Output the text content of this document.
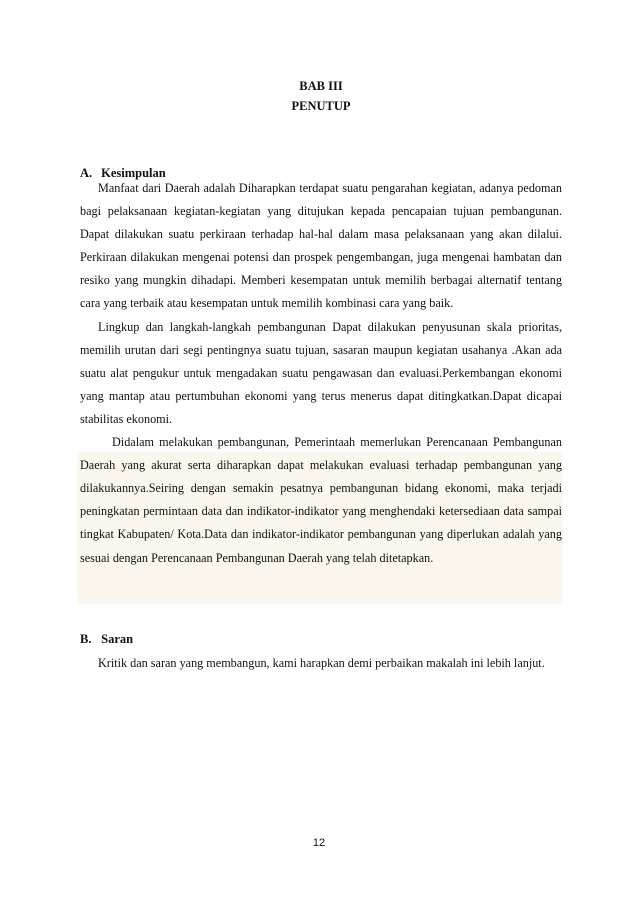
BAB III
PENUTUP
A. Kesimpulan

Manfaat dari Daerah adalah Diharapkan terdapat suatu pengarahan kegiatan, adanya pedoman bagi pelaksanaan kegiatan-kegiatan yang ditujukan kepada pencapaian tujuan pembangunan. Dapat dilakukan suatu perkiraan terhadap hal-hal dalam masa pelaksanaan yang akan dilalui. Perkiraan dilakukan mengenai potensi dan prospek pengembangan, juga mengenai hambatan dan resiko yang mungkin dihadapi. Memberi kesempatan untuk memilih berbagai alternatif tentang cara yang terbaik atau kesempatan untuk memilih kombinasi cara yang baik.

Lingkup dan langkah-langkah pembangunan Dapat dilakukan penyusunan skala prioritas, memilih urutan dari segi pentingnya suatu tujuan, sasaran maupun kegiatan usahanya .Akan ada suatu alat pengukur untuk mengadakan suatu pengawasan dan evaluasi.Perkembangan ekonomi yang mantap atau pertumbuhan ekonomi yang terus menerus dapat ditingkatkan.Dapat dicapai stabilitas ekonomi.

Didalam melakukan pembangunan, Pemerintaah memerlukan Perencanaan Pembangunan Daerah yang akurat serta diharapkan dapat melakukan evaluasi terhadap pembangunan yang dilakukannya.Seiring dengan semakin pesatnya pembangunan bidang ekonomi, maka terjadi peningkatan permintaan data dan indikator-indikator yang menghendaki ketersediaan data sampai tingkat Kabupaten/ Kota.Data dan indikator-indikator pembangunan yang diperlukan adalah yang sesuai dengan Perencanaan Pembangunan Daerah yang telah ditetapkan.

B. Saran

Kritik dan saran yang membangun, kami harapkan demi perbaikan makalah ini lebih lanjut.

12
